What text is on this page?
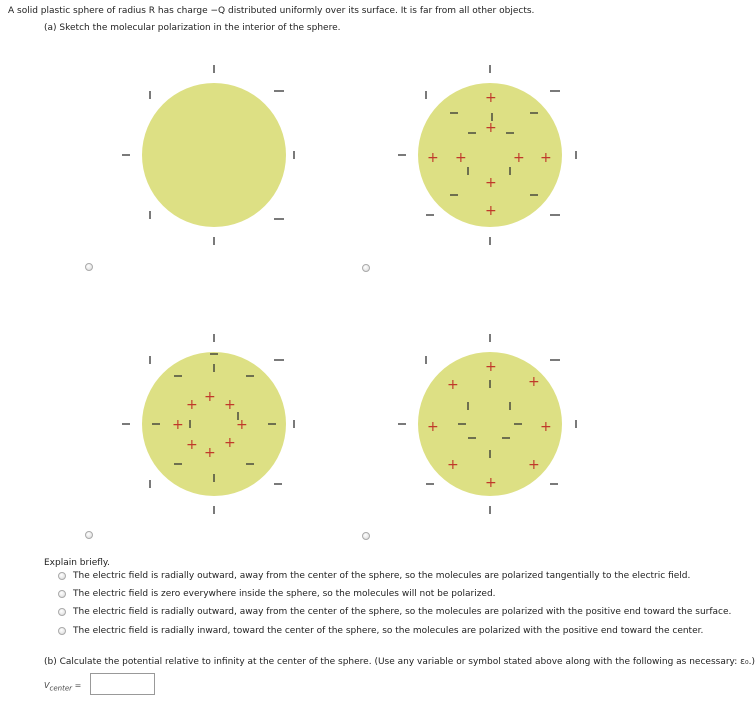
A solid plastic sphere of radius R has charge −Q distributed uniformly over its surface. It is far from all other objects.
(a) Sketch the molecular polarization in the interior of the sphere.
+
+
+ +	+ +
+
+
+ + +
+	+
+ +
+
+
+	+
+	+
+	+
+
Explain briefly.
The electric field is radially outward, away from the center of the sphere, so the molecules are polarized tangentially to the electric field.
The electric field is zero everywhere inside the sphere, so the molecules will not be polarized.
The electric field is radially outward, away from the center of the sphere, so the molecules are polarized with the positive end toward the surface.
The electric field is radially inward, toward the center of the sphere, so the molecules are polarized with the positive end toward the center.
(b) Calculate the potential relative to infinity at the center of the sphere. (Use any variable or symbol stated above along with the following as necessary: ε₀.)
$V_{center}$ =
